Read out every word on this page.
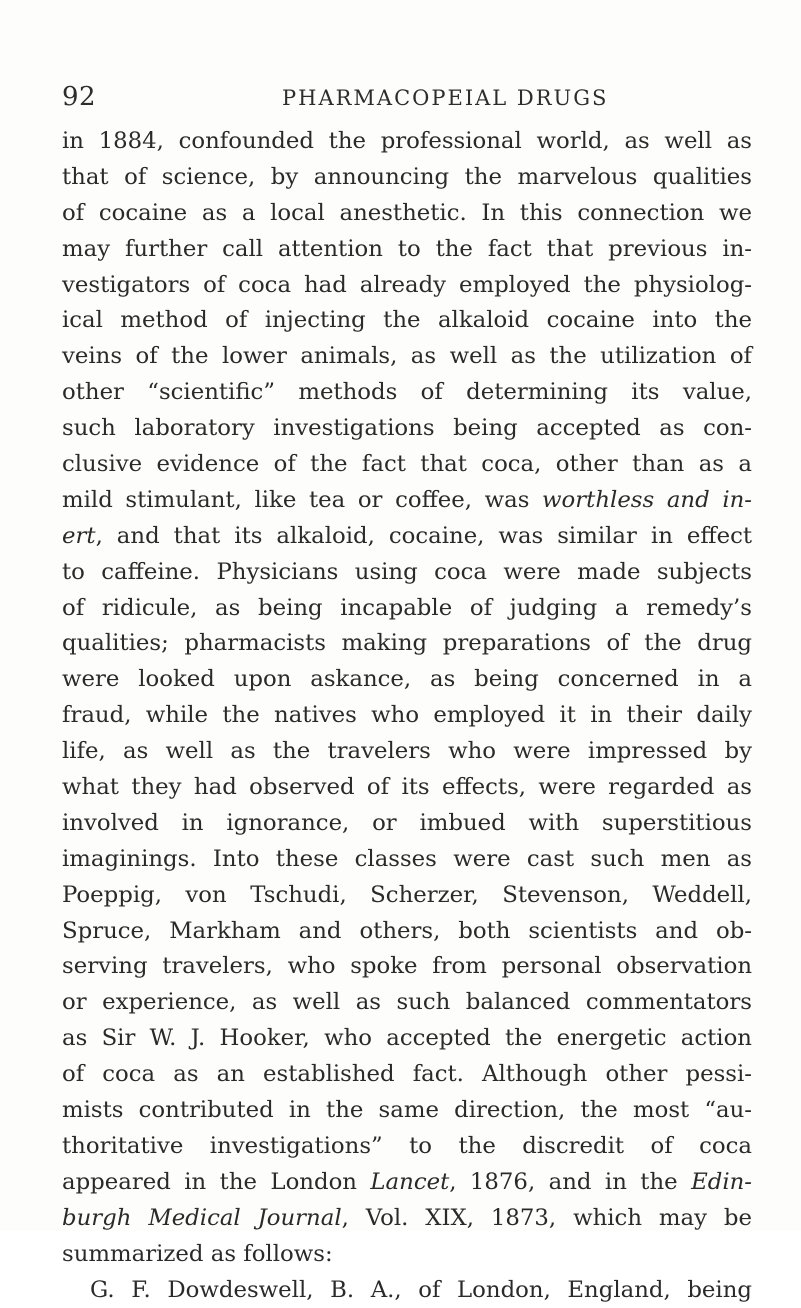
92	PHARMACOPEIAL DRUGS
in 1884, confounded the professional world, as well as
that of science, by announcing the marvelous qualities
of cocaine as a local anesthetic. In this connection we
may further call attention to the fact that previous in-
vestigators of coca had already employed the physiolog-
ical method of injecting the alkaloid cocaine into the
veins of the lower animals, as well as the utilization of
other “scientific” methods of determining its value,
such laboratory investigations being accepted as con-
clusive evidence of the fact that coca, other than as a
mild stimulant, like tea or coffee, was worthless and in-
ert, and that its alkaloid, cocaine, was similar in effect
to caffeine. Physicians using coca were made subjects
of ridicule, as being incapable of judging a remedy’s
qualities; pharmacists making preparations of the drug
were looked upon askance, as being concerned in a
fraud, while the natives who employed it in their daily
life, as well as the travelers who were impressed by
what they had observed of its effects, were regarded as
involved in ignorance, or imbued with superstitious
imaginings. Into these classes were cast such men as
Poeppig, von Tschudi, Scherzer, Stevenson, Weddell,
Spruce, Markham and others, both scientists and ob-
serving travelers, who spoke from personal observation
or experience, as well as such balanced commentators
as Sir W. J. Hooker, who accepted the energetic action
of coca as an established fact. Although other pessi-
mists contributed in the same direction, the most “au-
thoritative investigations” to the discredit of coca
appeared in the London Lancet, 1876, and in the Edin-
burgh Medical Journal, Vol. XIX, 1873, which may be
summarized as follows:
G. F. Dowdeswell, B. A., of London, England, being
